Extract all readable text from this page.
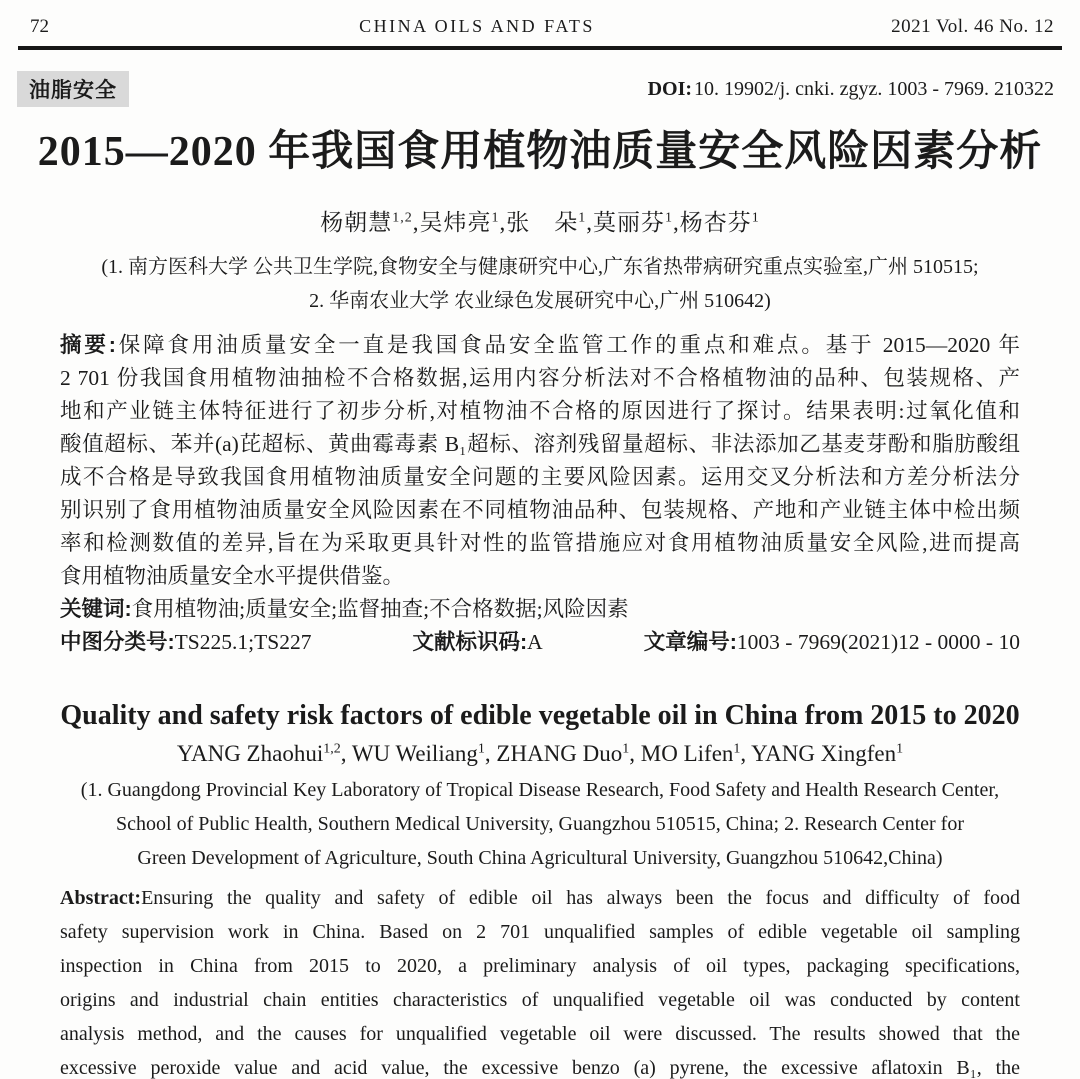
72	CHINA OILS AND FATS	2021 Vol. 46 No. 12
油脂安全	DOI: 10. 19902/j. cnki. zgyz. 1003 - 7969. 210322
2015—2020 年我国食用植物油质量安全风险因素分析
杨朝慧$^{1,2}$,吴炜亮$^1$,张　朵$^1$,莫丽芬$^1$,杨杏芬$^1$
(1. 南方医科大学 公共卫生学院,食物安全与健康研究中心,广东省热带病研究重点实验室,广州 510515;
2. 华南农业大学 农业绿色发展研究中心,广州 510642)
摘要:保障食用油质量安全一直是我国食品安全监管工作的重点和难点。基于 2015—2020 年
2 701 份我国食用植物油抽检不合格数据,运用内容分析法对不合格植物油的品种、包装规格、产
地和产业链主体特征进行了初步分析,对植物油不合格的原因进行了探讨。结果表明:过氧化值和
酸值超标、苯并(a)芘超标、黄曲霉毒素 B₁超标、溶剂残留量超标、非法添加乙基麦芽酚和脂肪酸组
成不合格是导致我国食用植物油质量安全问题的主要风险因素。运用交叉分析法和方差分析法分
别识别了食用植物油质量安全风险因素在不同植物油品种、包装规格、产地和产业链主体中检出频
率和检测数值的差异,旨在为采取更具针对性的监管措施应对食用植物油质量安全风险,进而提高
食用植物油质量安全水平提供借鉴。
关键词:食用植物油;质量安全;监督抽查;不合格数据;风险因素
中图分类号:TS225.1;TS227	文献标识码:A	文章编号:1003 - 7969(2021)12 - 0000 - 10
Quality and safety risk factors of edible vegetable oil in China from 2015 to 2020
YANG Zhaohui$^{1,2}$, WU Weiliang$^1$, ZHANG Duo$^1$, MO Lifen$^1$, YANG Xingfen$^1$
(1. Guangdong Provincial Key Laboratory of Tropical Disease Research, Food Safety and Health Research Center,
School of Public Health, Southern Medical University, Guangzhou 510515, China; 2. Research Center for
Green Development of Agriculture, South China Agricultural University, Guangzhou 510642,China)
Abstract:Ensuring the quality and safety of edible oil has always been the focus and difficulty of food
safety supervision work in China. Based on 2 701 unqualified samples of edible vegetable oil sampling
inspection in China from 2015 to 2020, a preliminary analysis of oil types, packaging specifications,
origins and industrial chain entities characteristics of unqualified vegetable oil was conducted by content
analysis method, and the causes for unqualified vegetable oil were discussed. The results showed that the
excessive peroxide value and acid value, the excessive benzo (a) pyrene, the excessive aflatoxin B₁, the
